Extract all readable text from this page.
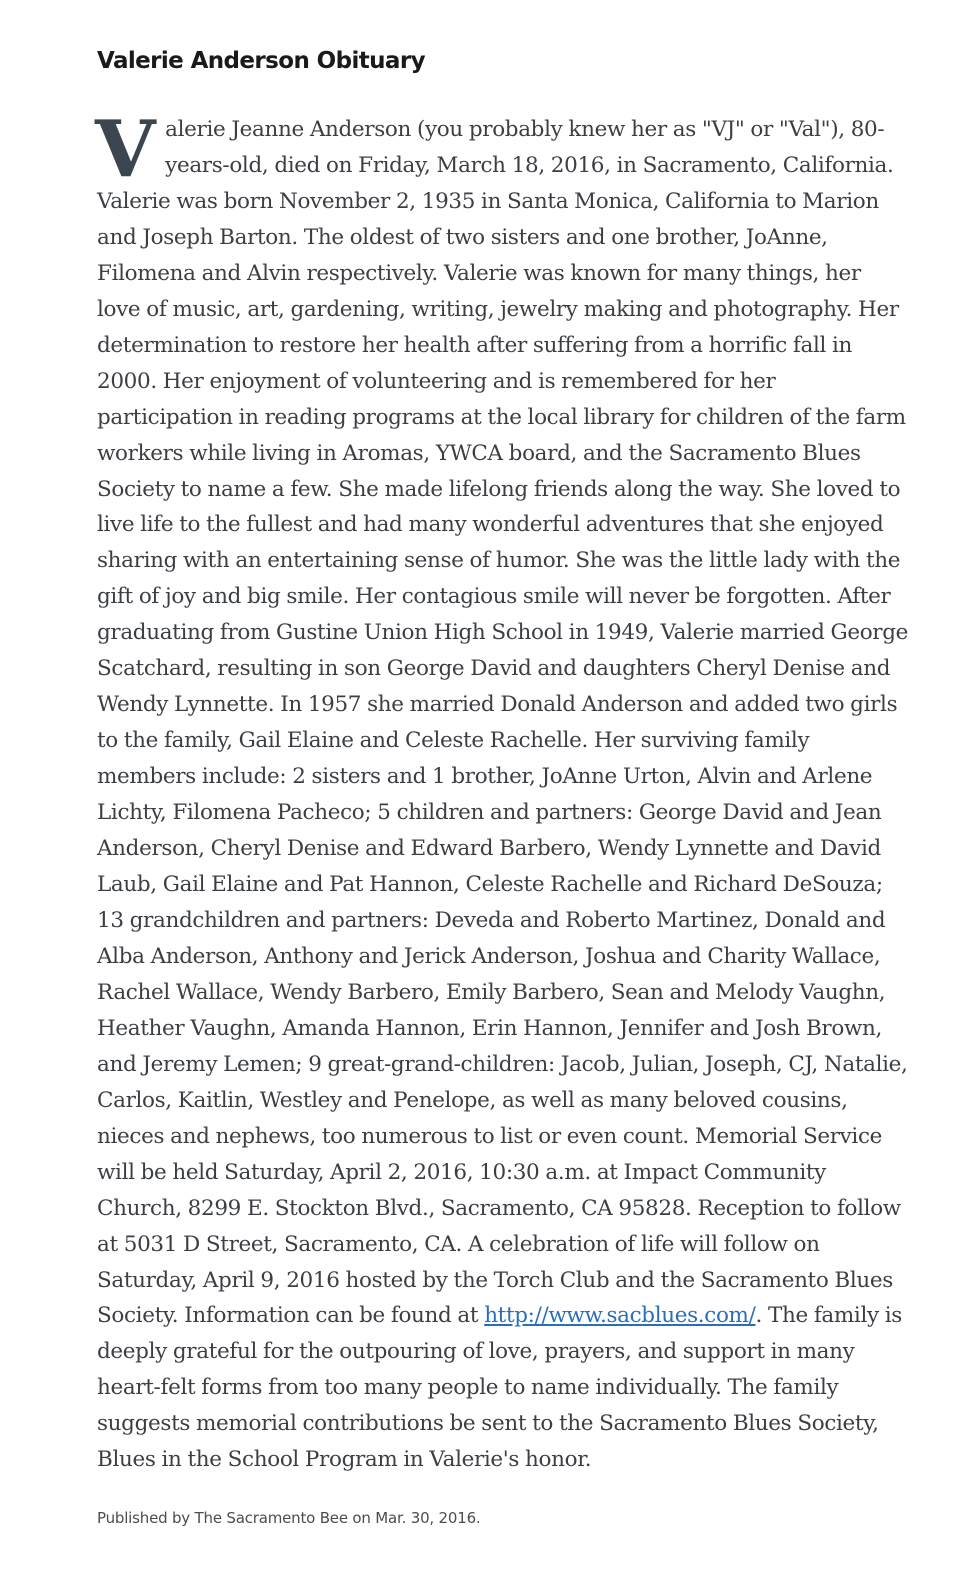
Valerie Anderson Obituary

Valerie Jeanne Anderson (you probably knew her as "VJ" or "Val"), 80-years-old, died on Friday, March 18, 2016, in Sacramento, California. Valerie was born November 2, 1935 in Santa Monica, California to Marion and Joseph Barton. The oldest of two sisters and one brother, JoAnne, Filomena and Alvin respectively. Valerie was known for many things, her love of music, art, gardening, writing, jewelry making and photography. Her determination to restore her health after suffering from a horrific fall in 2000. Her enjoyment of volunteering and is remembered for her participation in reading programs at the local library for children of the farm workers while living in Aromas, YWCA board, and the Sacramento Blues Society to name a few. She made lifelong friends along the way. She loved to live life to the fullest and had many wonderful adventures that she enjoyed sharing with an entertaining sense of humor. She was the little lady with the gift of joy and big smile. Her contagious smile will never be forgotten. After graduating from Gustine Union High School in 1949, Valerie married George Scatchard, resulting in son George David and daughters Cheryl Denise and Wendy Lynnette. In 1957 she married Donald Anderson and added two girls to the family, Gail Elaine and Celeste Rachelle. Her surviving family members include: 2 sisters and 1 brother, JoAnne Urton, Alvin and Arlene Lichty, Filomena Pacheco; 5 children and partners: George David and Jean Anderson, Cheryl Denise and Edward Barbero, Wendy Lynnette and David Laub, Gail Elaine and Pat Hannon, Celeste Rachelle and Richard DeSouza; 13 grandchildren and partners: Deveda and Roberto Martinez, Donald and Alba Anderson, Anthony and Jerick Anderson, Joshua and Charity Wallace, Rachel Wallace, Wendy Barbero, Emily Barbero, Sean and Melody Vaughn, Heather Vaughn, Amanda Hannon, Erin Hannon, Jennifer and Josh Brown, and Jeremy Lemen; 9 great-grand-children: Jacob, Julian, Joseph, CJ, Natalie, Carlos, Kaitlin, Westley and Penelope, as well as many beloved cousins, nieces and nephews, too numerous to list or even count. Memorial Service will be held Saturday, April 2, 2016, 10:30 a.m. at Impact Community Church, 8299 E. Stockton Blvd., Sacramento, CA 95828. Reception to follow at 5031 D Street, Sacramento, CA. A celebration of life will follow on Saturday, April 9, 2016 hosted by the Torch Club and the Sacramento Blues Society. Information can be found at http://www.sacblues.com/. The family is deeply grateful for the outpouring of love, prayers, and support in many heart-felt forms from too many people to name individually. The family suggests memorial contributions be sent to the Sacramento Blues Society, Blues in the School Program in Valerie's honor.

Published by The Sacramento Bee on Mar. 30, 2016.
